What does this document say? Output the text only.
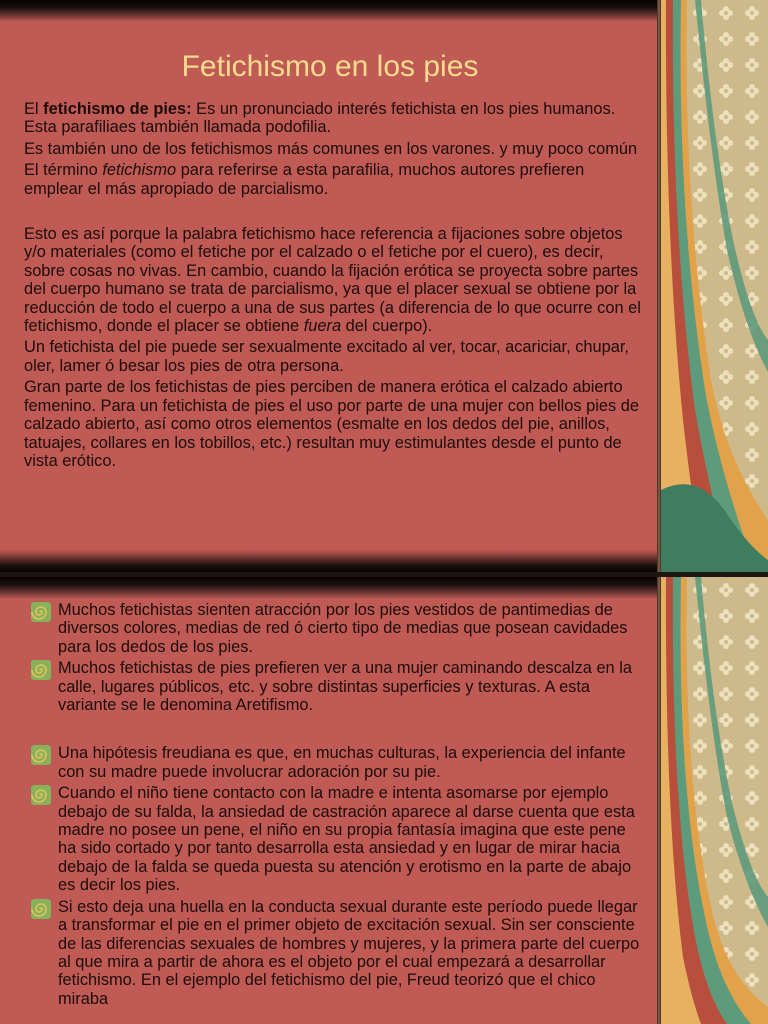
Fetichismo en los pies

El fetichismo de pies: Es un pronunciado interés fetichista en los pies humanos. Esta parafiliaes también llamada podofilia.

Es también uno de los fetichismos más comunes en los varones. y muy poco común

El término fetichismo para referirse a esta parafilia, muchos autores prefieren emplear el más apropiado de parcialismo.

Esto es así porque la palabra fetichismo hace referencia a fijaciones sobre objetos y/o materiales (como el fetiche por el calzado o el fetiche por el cuero), es decir, sobre cosas no vivas. En cambio, cuando la fijación erótica se proyecta sobre partes del cuerpo humano se trata de parcialismo, ya que el placer sexual se obtiene por la reducción de todo el cuerpo a una de sus partes (a diferencia de lo que ocurre con el fetichismo, donde el placer se obtiene fuera del cuerpo).

Un fetichista del pie puede ser sexualmente excitado al ver, tocar, acariciar, chupar, oler, lamer ó besar los pies de otra persona.

Gran parte de los fetichistas de pies perciben de manera erótica el calzado abierto femenino. Para un fetichista de pies el uso por parte de una mujer con bellos pies de calzado abierto, así como otros elementos (esmalte en los dedos del pie, anillos, tatuajes, collares en los tobillos, etc.) resultan muy estimulantes desde el punto de vista erótico.

Muchos fetichistas sienten atracción por los pies vestidos de pantimedias de diversos colores, medias de red ó cierto tipo de medias que posean cavidades para los dedos de los pies.
Muchos fetichistas de pies prefieren ver a una mujer caminando descalza en la calle, lugares públicos, etc. y sobre distintas superficies y texturas. A esta variante se le denomina Aretifismo.
Una hipótesis freudiana es que, en muchas culturas, la experiencia del infante con su madre puede involucrar adoración por su pie.
Cuando el niño tiene contacto con la madre e intenta asomarse por ejemplo debajo de su falda, la ansiedad de castración aparece al darse cuenta que esta madre no posee un pene, el niño en su propia fantasía imagina que este pene ha sido cortado y por tanto desarrolla esta ansiedad y en lugar de mirar hacia debajo de la falda se queda puesta su atención y erotismo en la parte de abajo es decir los pies.
Si esto deja una huella en la conducta sexual durante este período puede llegar a transformar el pie en el primer objeto de excitación sexual. Sin ser consciente de las diferencias sexuales de hombres y mujeres, y la primera parte del cuerpo al que mira a partir de ahora es el objeto por el cual empezará a desarrollar fetichismo. En el ejemplo del fetichismo del pie, Freud teorizó que el chico miraba
